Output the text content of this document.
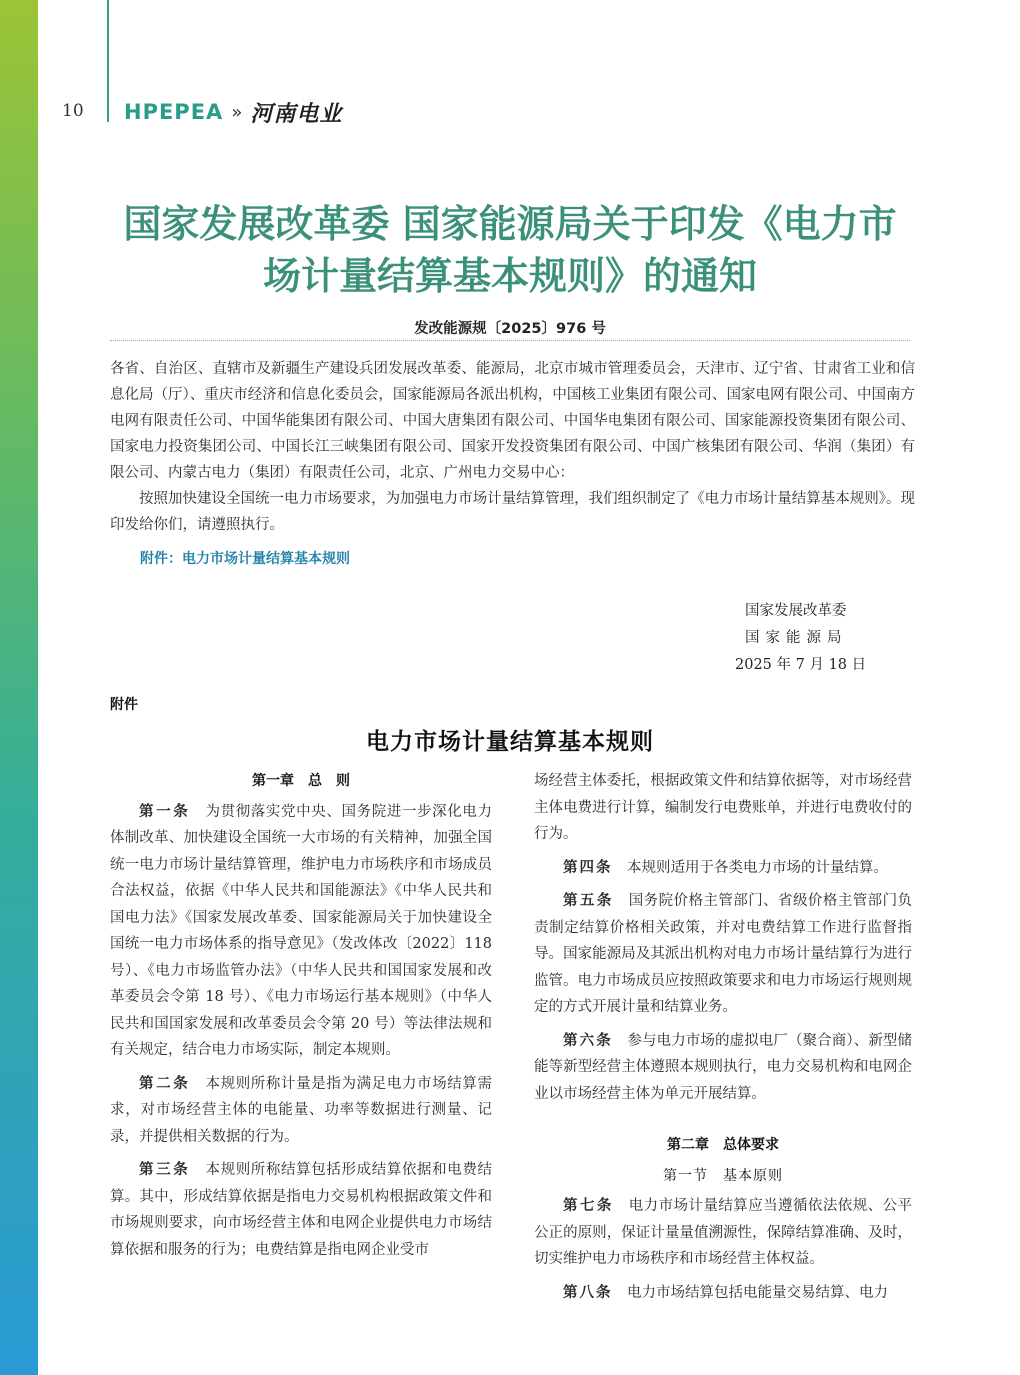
10	HPEPEA » 河南电业
国家发展改革委 国家能源局关于印发《电力市场计量结算基本规则》的通知
发改能源规〔2025〕976 号

各省、自治区、直辖市及新疆生产建设兵团发展改革委、能源局，北京市城市管理委员会，天津市、辽宁省、甘肃省工业和信息化局（厅）、重庆市经济和信息化委员会，国家能源局各派出机构，中国核工业集团有限公司、国家电网有限公司、中国南方电网有限责任公司、中国华能集团有限公司、中国大唐集团有限公司、中国华电集团有限公司、国家能源投资集团有限公司、国家电力投资集团公司、中国长江三峡集团有限公司、国家开发投资集团有限公司、中国广核集团有限公司、华润（集团）有限公司、内蒙古电力（集团）有限责任公司，北京、广州电力交易中心：

按照加快建设全国统一电力市场要求，为加强电力市场计量结算管理，我们组织制定了《电力市场计量结算基本规则》。现印发给你们，请遵照执行。

附件：电力市场计量结算基本规则
国家发展改革委
国家能源局
2025 年 7 月 18 日
附件
电力市场计量结算基本规则
第一章　总　则

第一条　 为贯彻落实党中央、国务院进一步深化电力体制改革、加快建设全国统一大市场的有关精神，加强全国统一电力市场计量结算管理，维护电力市场秩序和市场成员合法权益，依据《中华人民共和国能源法》《中华人民共和国电力法》《国家发展改革委、国家能源局关于加快建设全国统一电力市场体系的指导意见》（发改体改〔2022〕118 号）、《电力市场监管办法》（中华人民共和国国家发展和改革委员会令第 18 号）、《电力市场运行基本规则》（中华人民共和国国家发展和改革委员会令第 20 号）等法律法规和有关规定，结合电力市场实际，制定本规则。

第二条　 本规则所称计量是指为满足电力市场结算需求，对市场经营主体的电能量、功率等数据进行测量、记录，并提供相关数据的行为。

第三条　 本规则所称结算包括形成结算依据和电费结算。其中，形成结算依据是指电力交易机构根据政策文件和市场规则要求，向市场经营主体和电网企业提供电力市场结算依据和服务的行为；电费结算是指电网企业受市

场经营主体委托，根据政策文件和结算依据等，对市场经营主体电费进行计算，编制发行电费账单，并进行电费收付的行为。

第四条　 本规则适用于各类电力市场的计量结算。

第五条　 国务院价格主管部门、省级价格主管部门负责制定结算价格相关政策，并对电费结算工作进行监督指导。国家能源局及其派出机构对电力市场计量结算行为进行监管。电力市场成员应按照政策要求和电力市场运行规则规定的方式开展计量和结算业务。

第六条　 参与电力市场的虚拟电厂（聚合商）、新型储能等新型经营主体遵照本规则执行，电力交易机构和电网企业以市场经营主体为单元开展结算。

第二章　总体要求
第一节　基本原则

第七条　 电力市场计量结算应当遵循依法依规、公平公正的原则，保证计量量值溯源性，保障结算准确、及时，切实维护电力市场秩序和市场经营主体权益。

第八条　 电力市场结算包括电能量交易结算、电力
